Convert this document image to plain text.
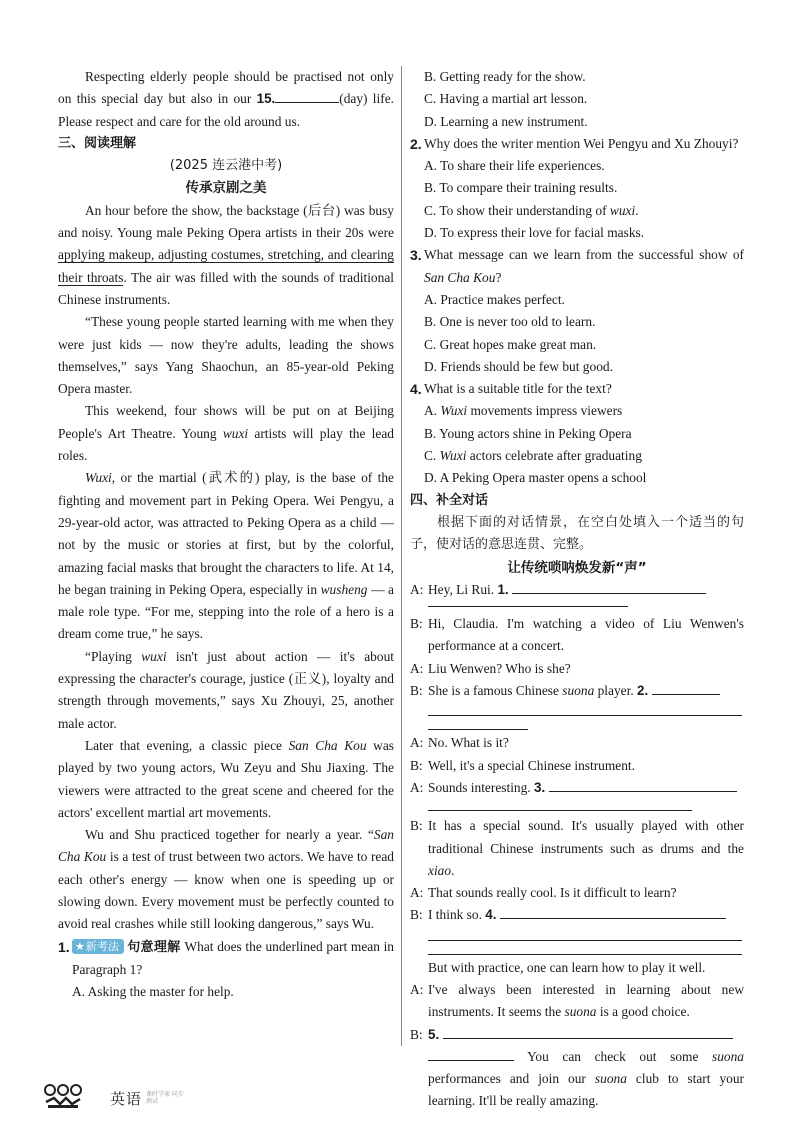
Respecting elderly people should be practised not only on this special day but also in our 15.	(day) life. Please respect and care for the old around us.

三、阅读理解
(2025 连云港中考)
传承京剧之美

An hour before the show, the backstage (后台) was busy and noisy. Young male Peking Opera artists in their 20s were applying makeup, adjusting costumes, stretching, and clearing their throats. The air was filled with the sounds of traditional Chinese instruments.

“These young people started learning with me when they were just kids — now they're adults, leading the shows themselves,” says Yang Shaochun, an 85-year-old Peking Opera master.

This weekend, four shows will be put on at Beijing People's Art Theatre. Young wuxi artists will play the lead roles.

Wuxi, or the martial (武术的) play, is the base of the fighting and movement part in Peking Opera. Wei Pengyu, a 29-year-old actor, was attracted to Peking Opera as a child — not by the music or stories at first, but by the colorful, amazing facial masks that brought the characters to life. At 14, he began training in Peking Opera, especially in wusheng — a male role type. “For me, stepping into the role of a hero is a dream come true,” he says.

“Playing wuxi isn't just about action — it's about expressing the character's courage, justice (正义), loyalty and strength through movements,” says Xu Zhouyi, 25, another male actor.

Later that evening, a classic piece San Cha Kou was played by two young actors, Wu Zeyu and Shu Jiaxing. The viewers were attracted to the great scene and cheered for the actors' excellent martial art movements.

Wu and Shu practiced together for nearly a year. “San Cha Kou is a test of trust between two actors. We have to read each other's energy — know when one is speeding up or slowing down. Every movement must be perfectly counted to avoid real crashes while still looking dangerous,” says Wu.

1. ★新考法 句意理解 What does the underlined part mean in Paragraph 1?

A. Asking the master for help.
B. Getting ready for the show.
C. Having a martial art lesson.
D. Learning a new instrument.
2. Why does the writer mention Wei Pengyu and Xu Zhouyi?

A. To share their life experiences.
B. To compare their training results.
C. To show their understanding of wuxi.
D. To express their love for facial masks.
3. What message can we learn from the successful show of San Cha Kou?

A. Practice makes perfect.
B. One is never too old to learn.
C. Great hopes make great man.
D. Friends should be few but good.
4. What is a suitable title for the text?

A. Wuxi movements impress viewers
B. Young actors shine in Peking Opera
C. Wuxi actors celebrate after graduating
D. A Peking Opera master opens a school
四、补全对话

根据下面的对话情景，在空白处填入一个适当的句子，使对话的意思连贯、完整。

让传统唢呐焕发新“声”
A: Hey, Li Rui. 1.
B: Hi, Claudia. I'm watching a video of Liu Wenwen's performance at a concert.

A: Liu Wenwen? Who is she?

B: She is a famous Chinese suona player. 2.
A: No. What is it?

B: Well, it's a special Chinese instrument.

A: Sounds interesting. 3.
B: It has a special sound. It's usually played with other traditional Chinese instruments such as drums and the xiao.

A: That sounds really cool. Is it difficult to learn?

B: I think so. 4.

But with practice, one can learn how to play it well.

A: I've always been interested in learning about new instruments. It seems the suona is a good choice.

B: 5.

You can check out some suona performances and join our suona club to start your learning. It'll be really amazing.

英语 课时学案 同步测试
